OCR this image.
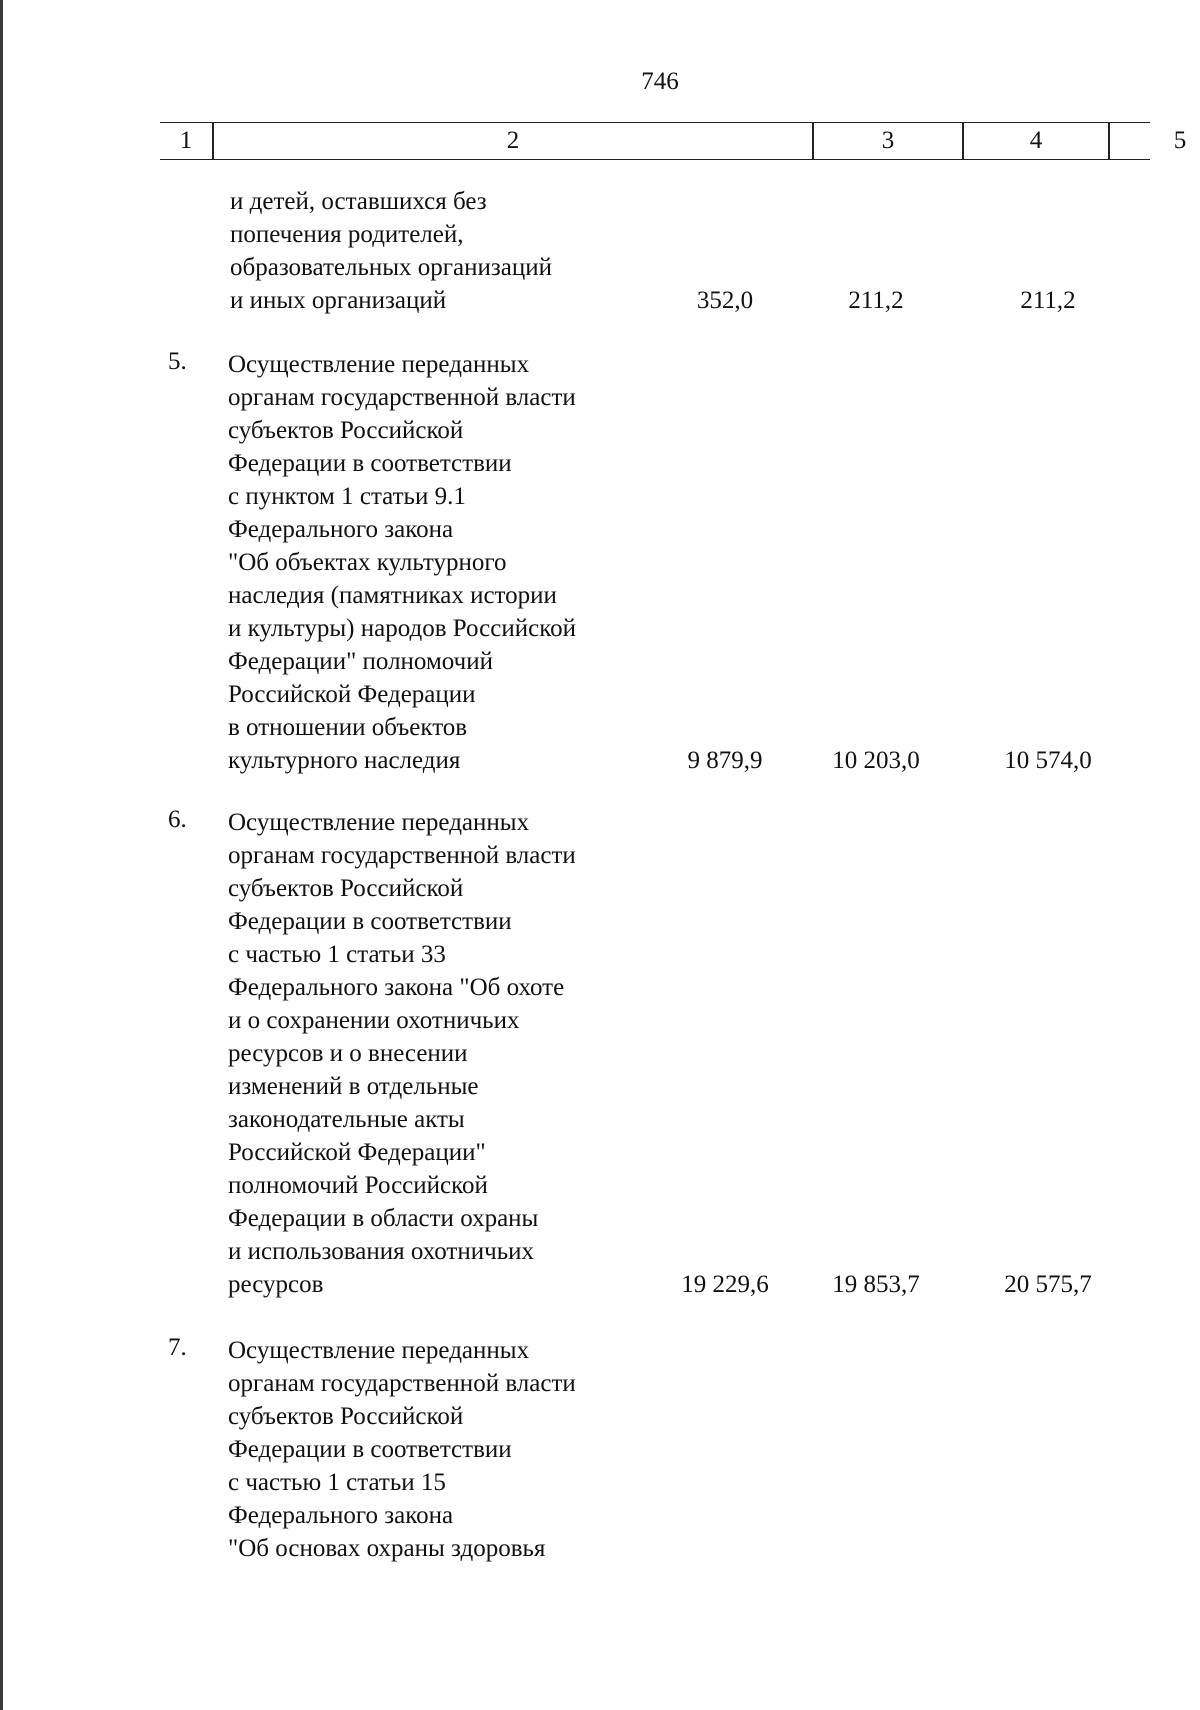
746
1	2	3	4	5
и детей, оставшихся без
попечения родителей,
образовательных организаций
и иных организаций	352,0	211,2	211,2
5. Осуществление переданных
органам государственной власти
субъектов Российской
Федерации в соответствии
с пунктом 1 статьи 9.1
Федерального закона
"Об объектах культурного
наследия (памятниках истории
и культуры) народов Российской
Федерации" полномочий
Российской Федерации
в отношении объектов
культурного наследия	9 879,9	10 203,0	10 574,0
6. Осуществление переданных
органам государственной власти
субъектов Российской
Федерации в соответствии
с частью 1 статьи 33
Федерального закона "Об охоте
и о сохранении охотничьих
ресурсов и о внесении
изменений в отдельные
законодательные акты
Российской Федерации"
полномочий Российской
Федерации в области охраны
и использования охотничьих
ресурсов	19 229,6	19 853,7	20 575,7
7. Осуществление переданных
органам государственной власти
субъектов Российской
Федерации в соответствии
с частью 1 статьи 15
Федерального закона
"Об основах охраны здоровья
